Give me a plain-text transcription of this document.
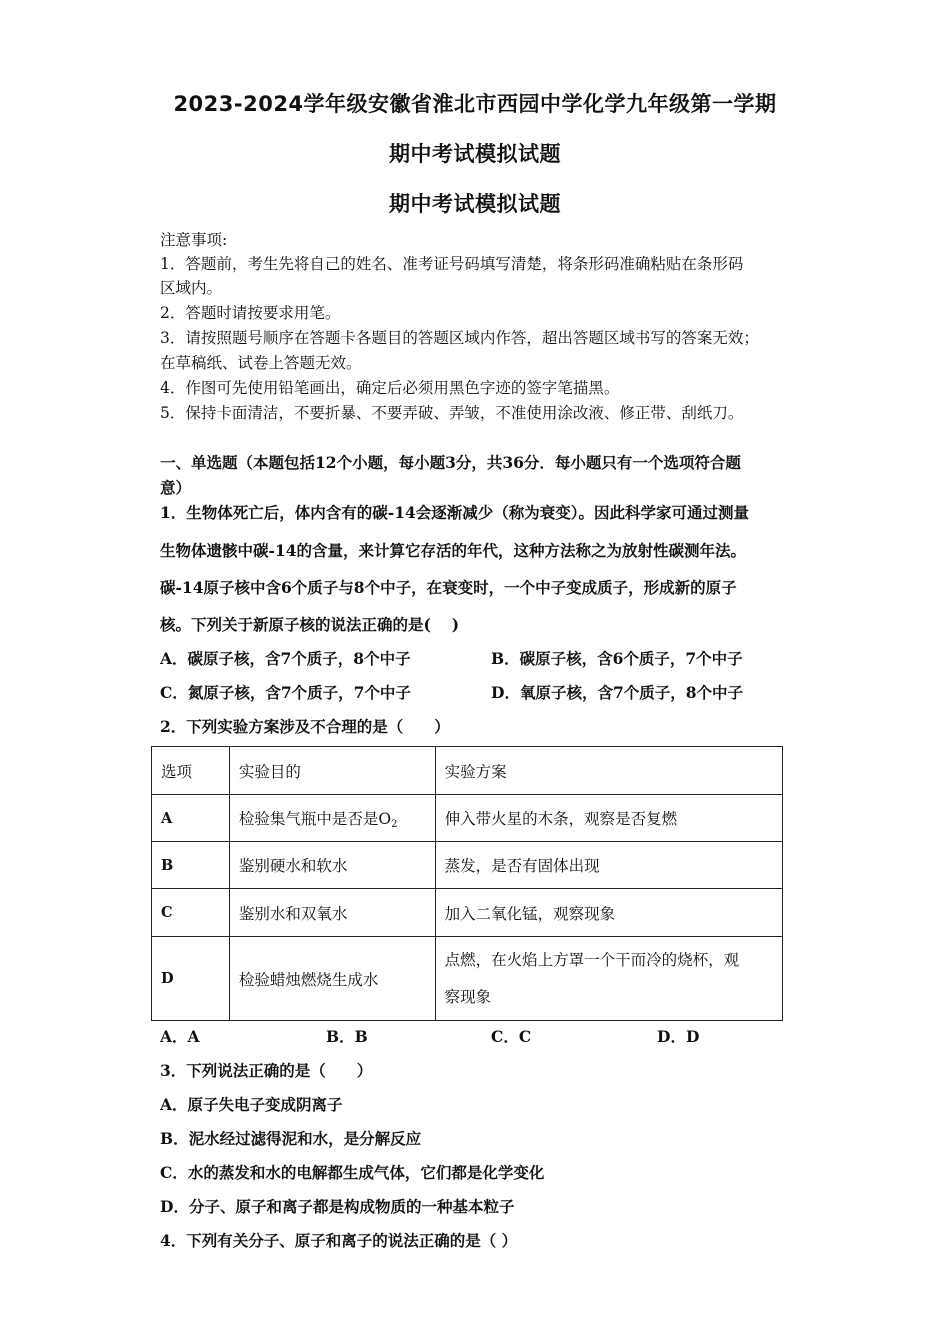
2023-2024学年级安徽省淮北市西园中学化学九年级第一学期
期中考试模拟试题
期中考试模拟试题
注意事项:
1．答题前，考生先将自己的姓名、准考证号码填写清楚，将条形码准确粘贴在条形码
区域内。
2．答题时请按要求用笔。
3．请按照题号顺序在答题卡各题目的答题区域内作答，超出答题区域书写的答案无效；
在草稿纸、试卷上答题无效。
4．作图可先使用铅笔画出，确定后必须用黑色字迹的签字笔描黑。
5．保持卡面清洁，不要折暴、不要弄破、弄皱，不准使用涂改液、修正带、刮纸刀。
一、单选题（本题包括12个小题，每小题3分，共36分．每小题只有一个选项符合题
意）
1．生物体死亡后，体内含有的碳-14会逐渐减少（称为衰变）。因此科学家可通过测量
生物体遗骸中碳-14的含量，来计算它存活的年代，这种方法称之为放射性碳测年法。
碳-14原子核中含6个质子与8个中子，在衰变时，一个中子变成质子，形成新的原子
核。下列关于新原子核的说法正确的是(　 )
A．碳原子核，含7个质子，8个中子	B．碳原子核，含6个质子，7个中子
C．氮原子核，含7个质子，7个中子	D．氧原子核，含7个质子，8个中子
2．下列实验方案涉及不合理的是（　　）
选项	实验目的	实验方案
A	检验集气瓶中是否是$O_2$	伸入带火星的木条，观察是否复燃
B	鉴别硬水和软水	蒸发，是否有固体出现
C	鉴别水和双氧水	加入二氧化锰，观察现象
D	检验蜡烛燃烧生成水	点燃，在火焰上方罩一个干而冷的烧杯，观
察现象
A．A	B．B	C．C	D．D
3．下列说法正确的是（　　）
A．原子失电子变成阴离子
B．泥水经过滤得泥和水，是分解反应
C．水的蒸发和水的电解都生成气体，它们都是化学变化
D．分子、原子和离子都是构成物质的一种基本粒子
4．下列有关分子、原子和离子的说法正确的是（ ）
